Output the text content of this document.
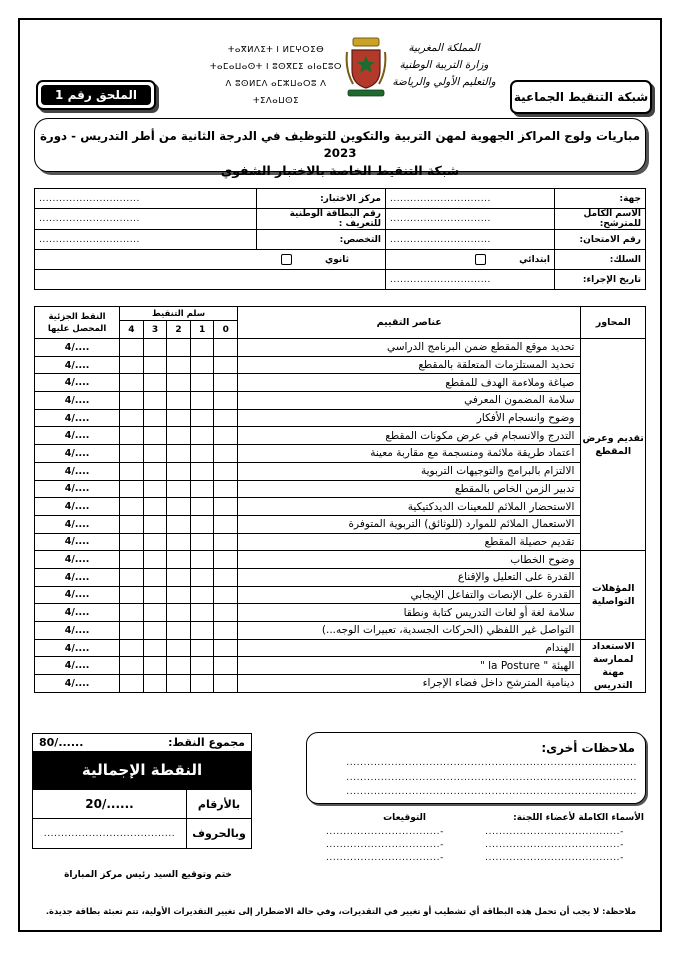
ⵜⴰⴳⵍⴷⵉⵜ ⵏ ⵍⵎⵖⵔⵉⴱ
ⵜⴰⵎⴰⵡⴰⵙⵜ ⵏ ⵓⵙⴳⵎⵉ ⴰⵏⴰⵎⵓⵔ
ⴷ ⵓⵙⵍⵎⴷ ⴰⵎⵣⵡⴰⵔⵓ ⴷ ⵜⵉⴷⴰⵡⵙⵉ
المملكة المغربية
وزارة التربية الوطنية
والتعليم الأولي والرياضة
الملحق رقم 1	شبكة التنقيط الجماعية
مباريات ولوج المراكز الجهوية لمهن التربية والتكوين للتوظيف في الدرجة الثانية من أطر التدريس - دورة 2023
شبكة التنقيط الخاصة بالاختبار الشفوي
جهة:	..............................	مركز الاختبار:	..............................
الاسم الكامل للمترشح:	..............................	رقم البطاقة الوطنية للتعريف :	..............................
رقم الامتحان:	..............................	التخصص:	..............................
السلك:	ابتدائي	ثانوي	
تاريخ الإجراء:	..............................		
المحاور	عناصر التقييم	سلم التنقيط					النقط الجزئية المحصل عليها
		0	1	2	3	4	
تقديم وعرض المقطع	تحديد موقع المقطع ضمن البرنامج الدراسي						4/....
	تحديد المستلزمات المتعلقة بالمقطع						4/....
	صياغة وملاءمة الهدف للمقطع						4/....
	سلامة المضمون المعرفي						4/....
	وضوح وانسجام الأفكار						4/....
	التدرج والانسجام في عرض مكونات المقطع						4/....
	اعتماد طريقة ملائمة ومنسجمة مع مقاربة معينة						4/....
	الالتزام بالبرامج والتوجيهات التربوية						4/....
	تدبير الزمن الخاص بالمقطع						4/....
	الاستحضار الملائم للمعينات الديدكتيكية						4/....
	الاستعمال الملائم للموارد (للوثائق) التربوية المتوفرة						4/....
	تقديم حصيلة المقطع						4/....
المؤهلات التواصلية	وضوح الخطاب						4/....
	القدرة على التعليل والإقناع						4/....
	القدرة على الإنصات والتفاعل الإيجابي						4/....
	سلامة لغة أو لغات التدريس كتابة ونطقا						4/....
	التواصل غير اللفظي (الحركات الجسدية، تعبيرات الوجه...)						4/....
الاستعداد لممارسة مهنة التدريس	الهندام						4/....
	الهيئة " la Posture "						4/....
	دينامية المترشح داخل فضاء الإجراء						4/....
مجموع النقط:
80/......
النقطة الإجمالية
بالأرقام
20/......
وبالحروف
......................................
ملاحظات أخرى:
....................................................................................
....................................................................................
....................................................................................
الأسماء الكاملة لأعضاء اللجنة:
التوقيعات
-.......................................
-.......................................
-.......................................
.................................-
.................................-
.................................-
ختم وتوقيع السيد رئيس مركز المباراة
ملاحظة: لا يجب أن تحمل هذه البطاقة أي تشطيب أو تغيير في التقديرات، وفي حالة الاضطرار إلى تغيير التقديرات الأولية، تتم تعبئة بطاقة جديدة.
